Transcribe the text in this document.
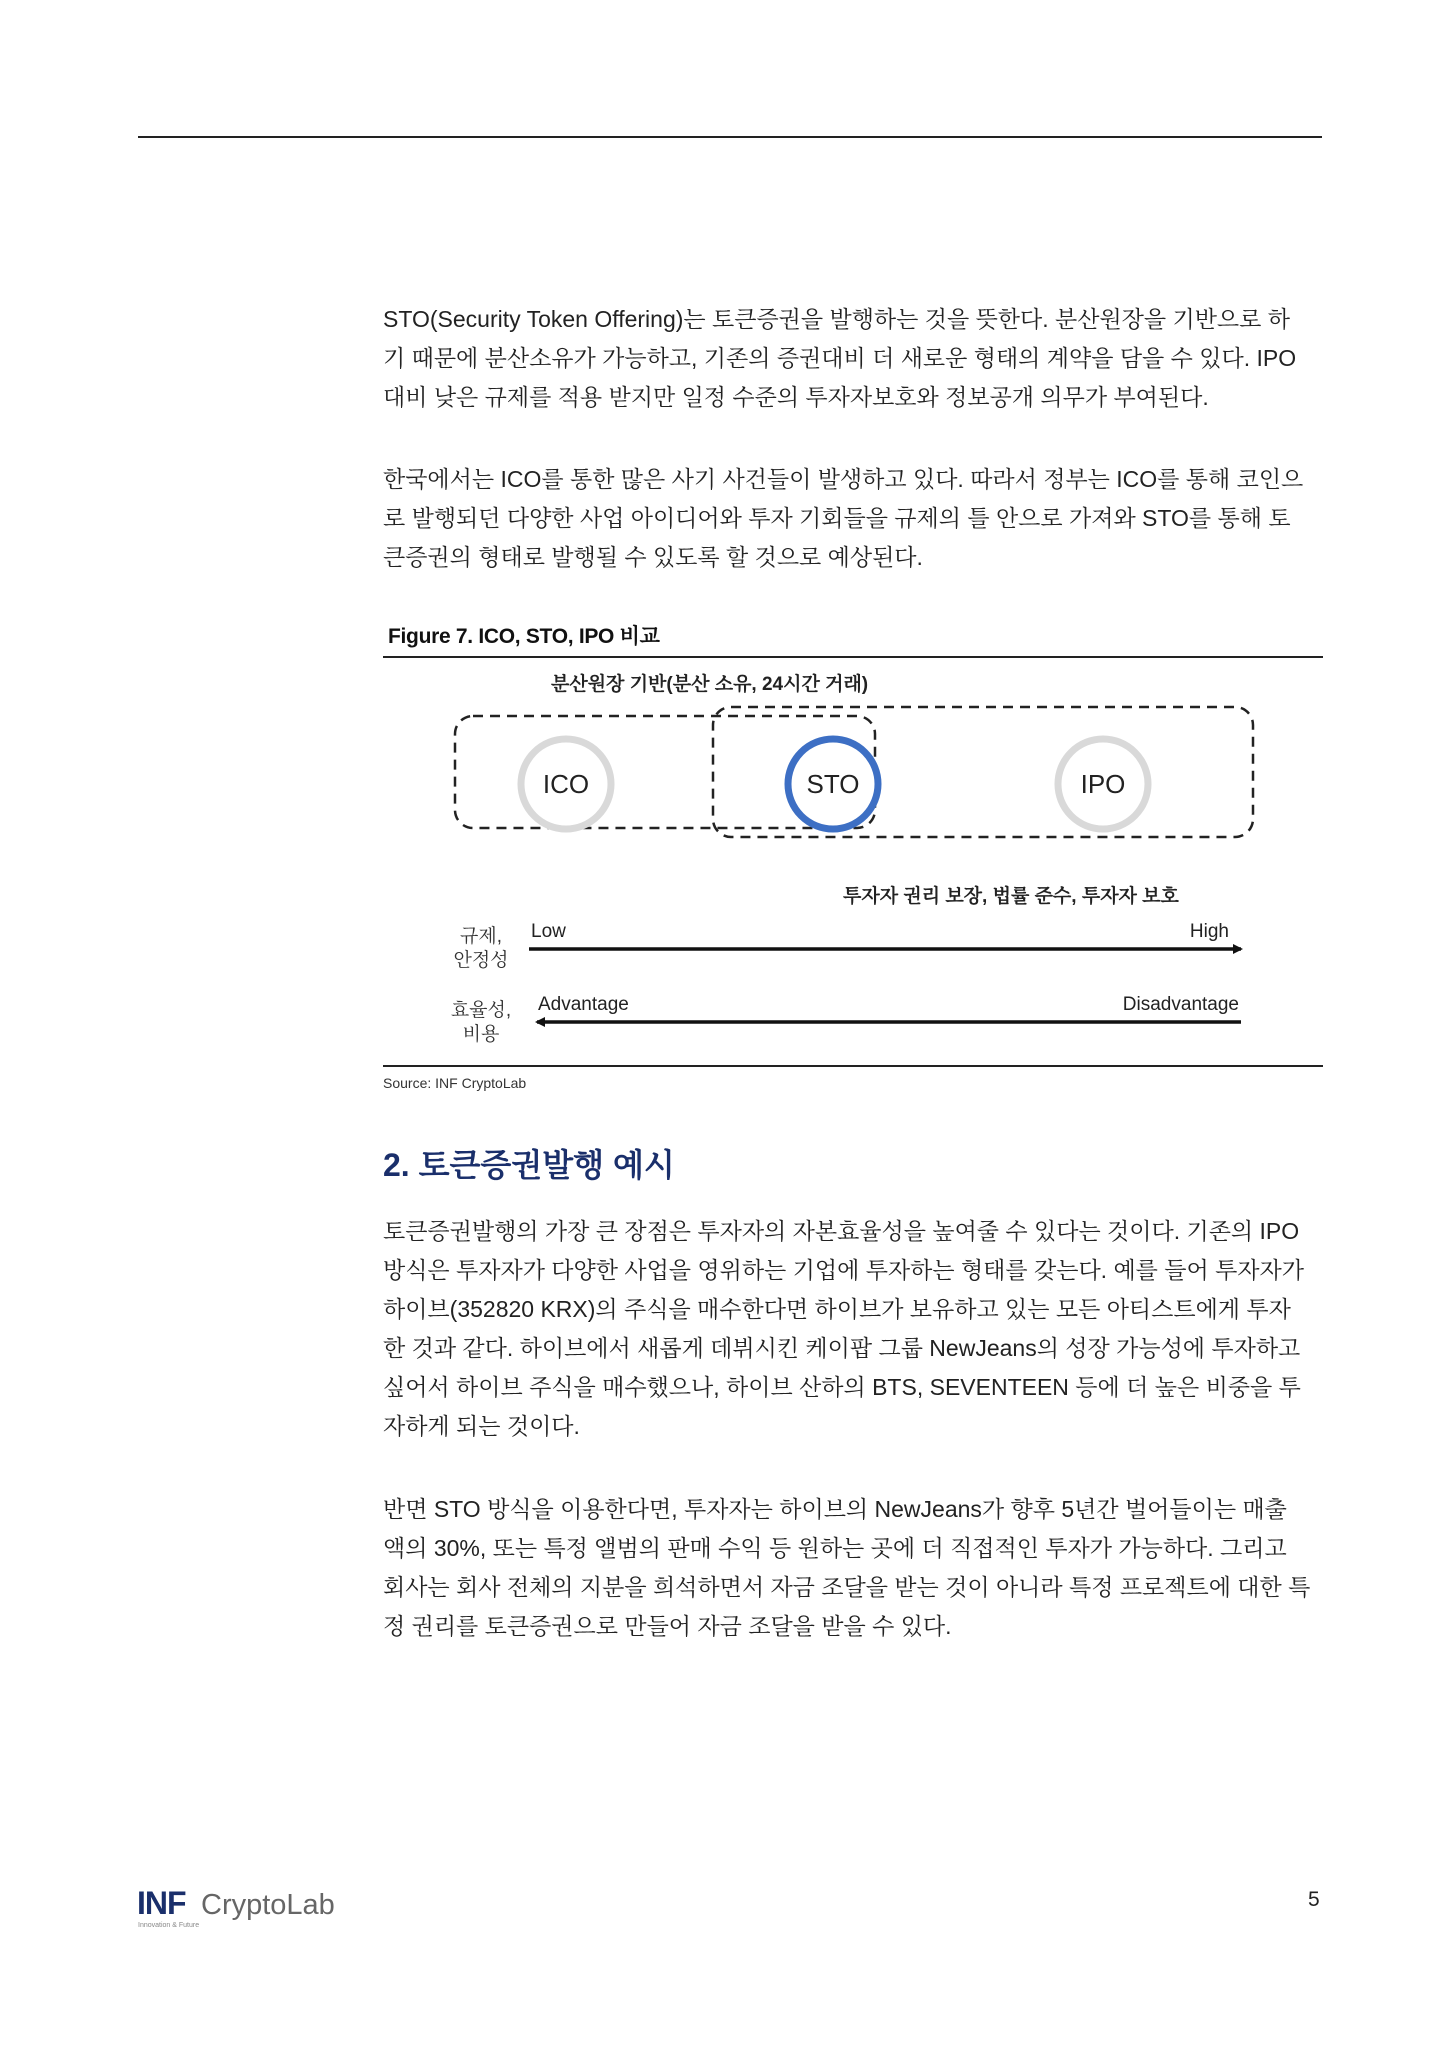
STO(Security Token Offering)는 토큰증권을 발행하는 것을 뜻한다. 분산원장을 기반으로 하
기 때문에 분산소유가 가능하고, 기존의 증권대비 더 새로운 형태의 계약을 담을 수 있다. IPO
대비 낮은 규제를 적용 받지만 일정 수준의 투자자보호와 정보공개 의무가 부여된다.

한국에서는 ICO를 통한 많은 사기 사건들이 발생하고 있다. 따라서 정부는 ICO를 통해 코인으
로 발행되던 다양한 사업 아이디어와 투자 기회들을 규제의 틀 안으로 가져와 STO를 통해 토
큰증권의 형태로 발행될 수 있도록 할 것으로 예상된다.

Figure 7. ICO, STO, IPO 비교
분산원장 기반(분산 소유, 24시간 거래)
ICO	STO	IPO
투자자 권리 보장, 법률 준수, 투자자 보호
규제,
안정성
Low	High
효율성,
비용
Advantage	Disadvantage
Source: INF CryptoLab
2. 토큰증권발행 예시

토큰증권발행의 가장 큰 장점은 투자자의 자본효율성을 높여줄 수 있다는 것이다. 기존의 IPO
방식은 투자자가 다양한 사업을 영위하는 기업에 투자하는 형태를 갖는다. 예를 들어 투자자가
하이브(352820 KRX)의 주식을 매수한다면 하이브가 보유하고 있는 모든 아티스트에게 투자
한 것과 같다. 하이브에서 새롭게 데뷔시킨 케이팝 그룹 NewJeans의 성장 가능성에 투자하고
싶어서 하이브 주식을 매수했으나, 하이브 산하의 BTS, SEVENTEEN 등에 더 높은 비중을 투
자하게 되는 것이다.

반면 STO 방식을 이용한다면, 투자자는 하이브의 NewJeans가 향후 5년간 벌어들이는 매출
액의 30%, 또는 특정 앨범의 판매 수익 등 원하는 곳에 더 직접적인 투자가 가능하다. 그리고
회사는 회사 전체의 지분을 희석하면서 자금 조달을 받는 것이 아니라 특정 프로젝트에 대한 특
정 권리를 토큰증권으로 만들어 자금 조달을 받을 수 있다.

INF CryptoLab
Innovation & Future
5
